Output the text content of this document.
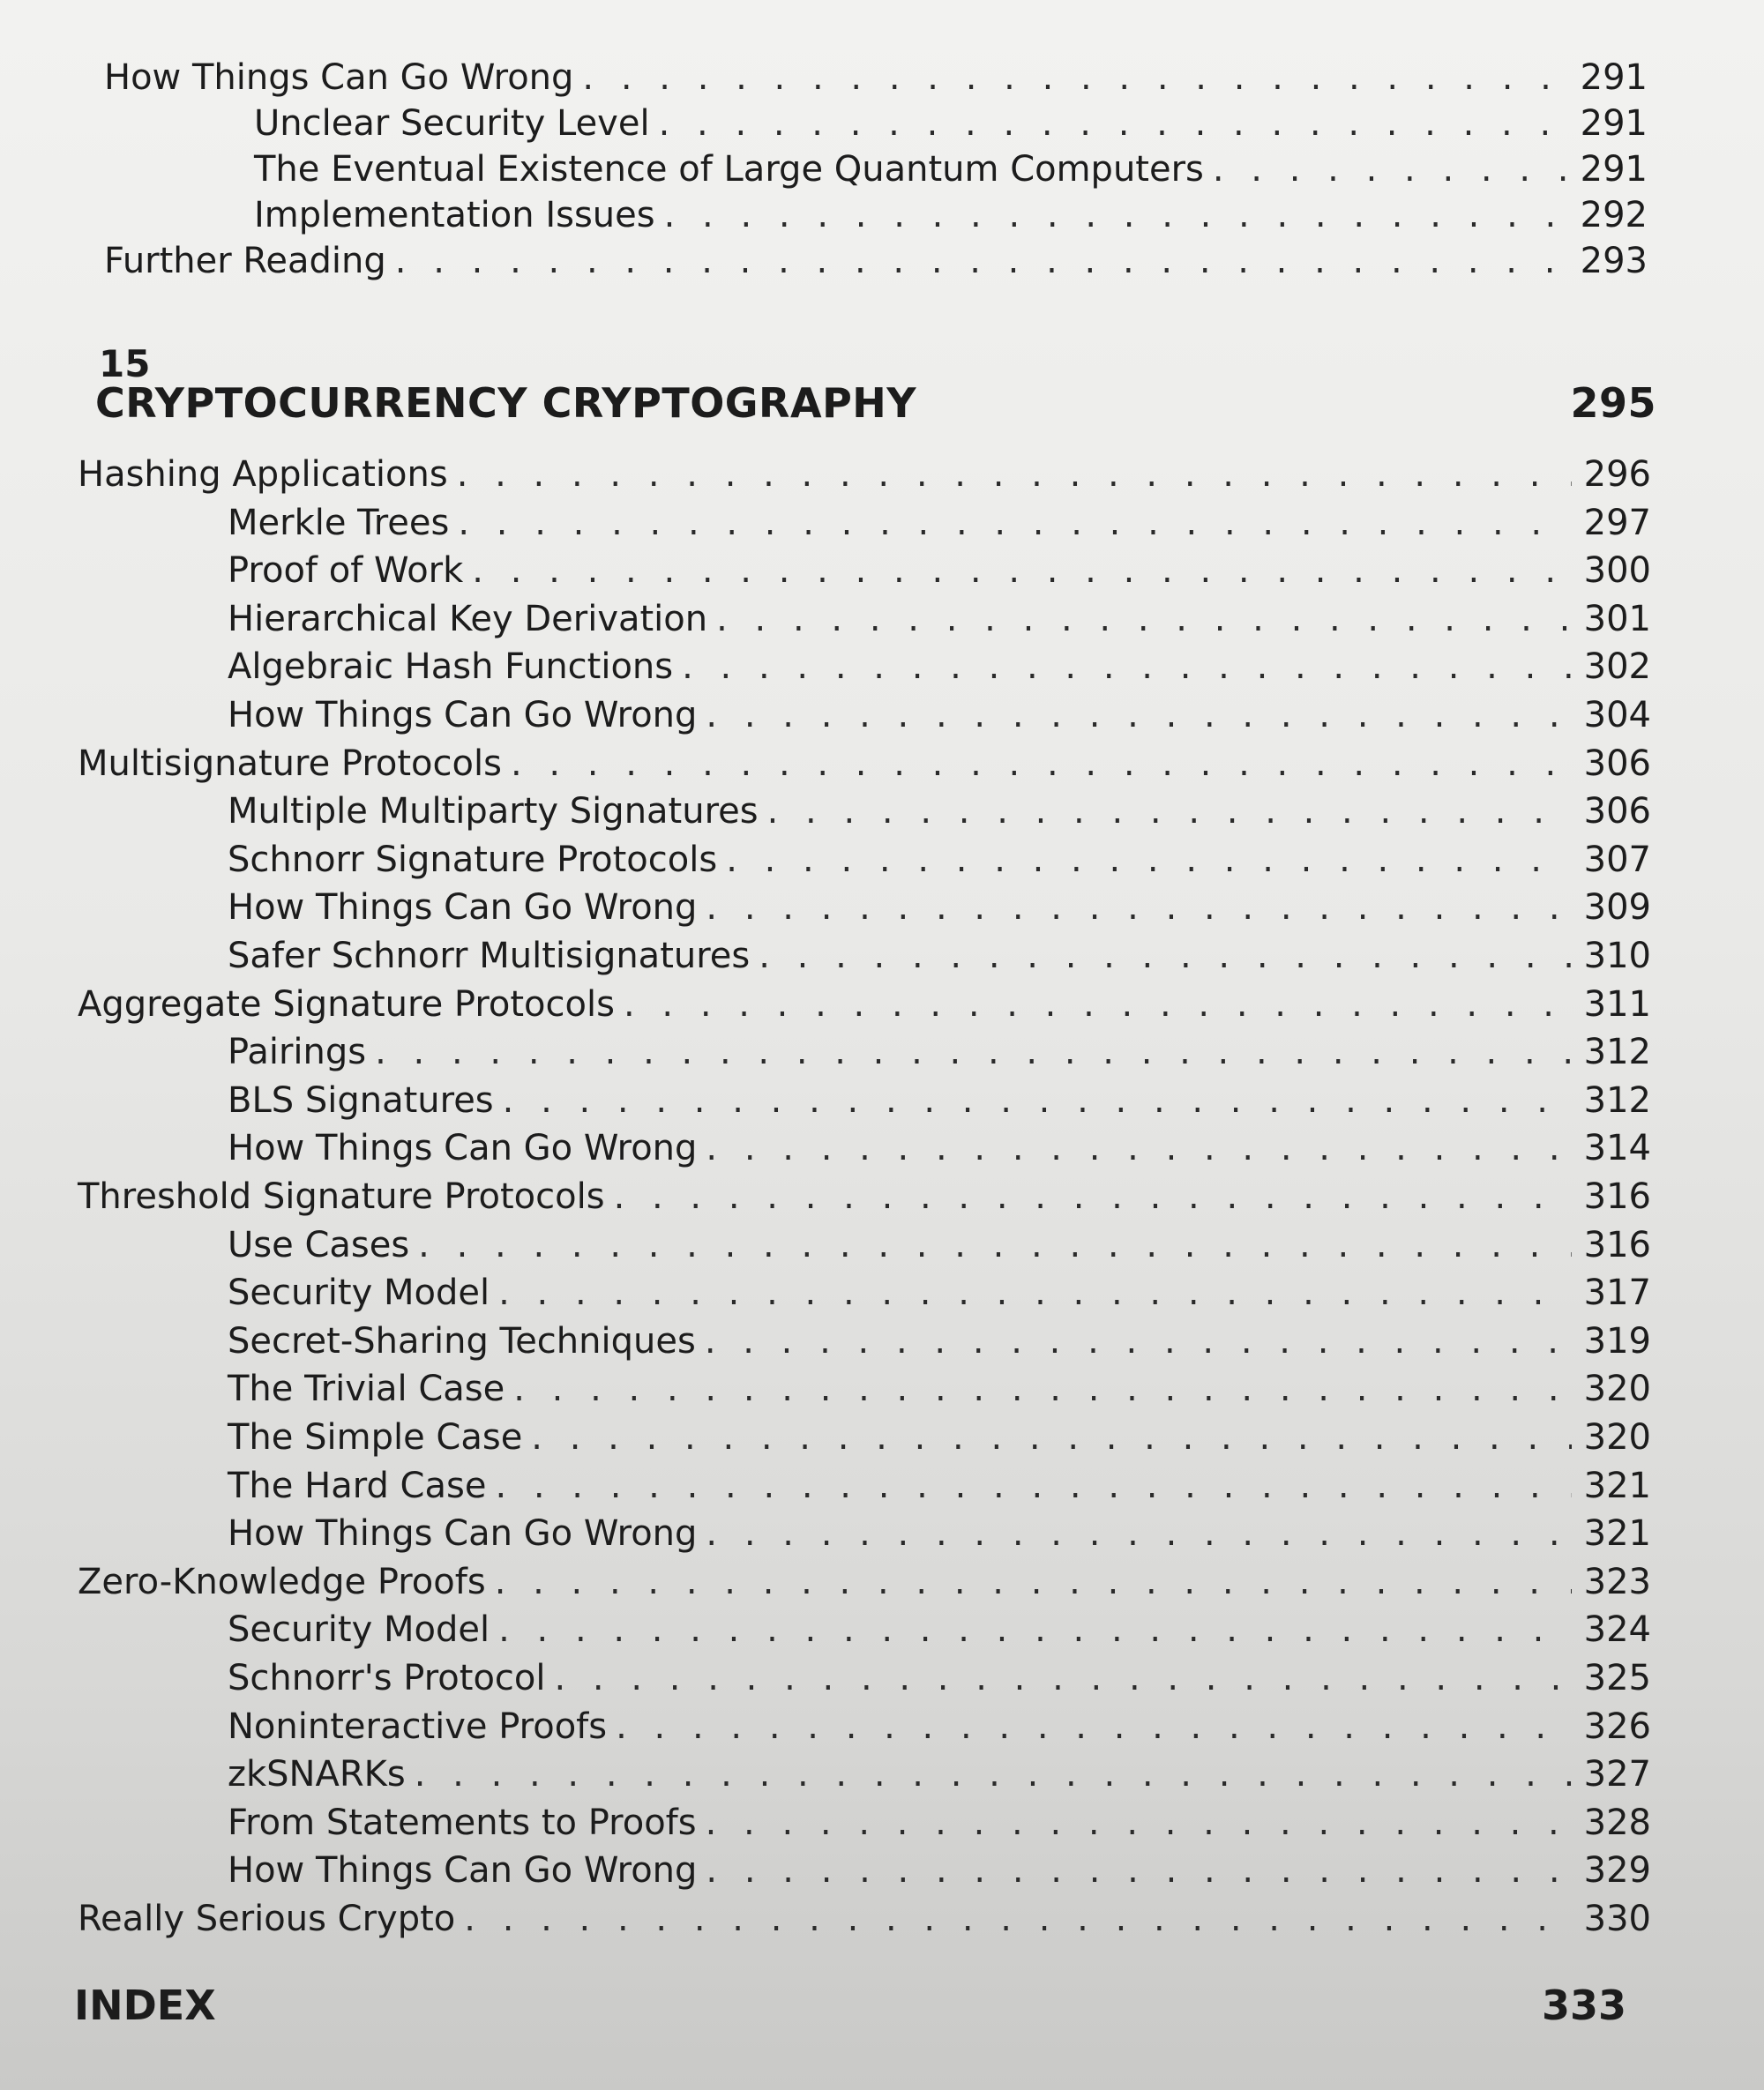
How Things Can Go Wrong . . .	291
Unclear Security Level . . .	291
The Eventual Existence of Large Quantum Computers . . .	291
Implementation Issues . . .	292
Further Reading . . .	293
15
CRYPTOCURRENCY CRYPTOGRAPHY	295
Hashing Applications . . .	296
Merkle Trees . . .	297
Proof of Work . . .	300
Hierarchical Key Derivation . . .	301
Algebraic Hash Functions . . .	302
How Things Can Go Wrong . . .	304
Multisignature Protocols . . .	306
Multiple Multiparty Signatures . . .	306
Schnorr Signature Protocols . . .	307
How Things Can Go Wrong . . .	309
Safer Schnorr Multisignatures . . .	310
Aggregate Signature Protocols . . .	311
Pairings . . .	312
BLS Signatures . . .	312
How Things Can Go Wrong . . .	314
Threshold Signature Protocols . . .	316
Use Cases . . .	316
Security Model . . .	317
Secret-Sharing Techniques . . .	319
The Trivial Case . . .	320
The Simple Case . . .	320
The Hard Case . . .	321
How Things Can Go Wrong . . .	321
Zero-Knowledge Proofs . . .	323
Security Model . . .	324
Schnorr's Protocol . . .	325
Noninteractive Proofs . . .	326
zkSNARKs . . .	327
From Statements to Proofs . . .	328
How Things Can Go Wrong . . .	329
Really Serious Crypto . . .	330
INDEX	333
